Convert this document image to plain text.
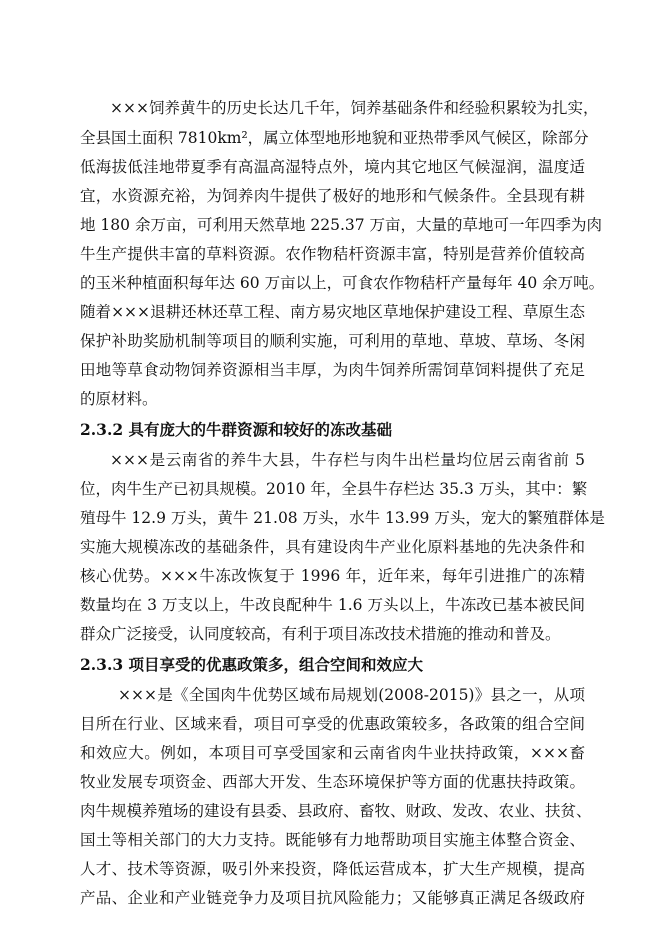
×××饲养黄牛的历史长达几千年，饲养基础条件和经验积累较为扎实，
全县国土面积 7810km²，属立体型地形地貌和亚热带季风气候区，除部分
低海拔低洼地带夏季有高温高湿特点外，境内其它地区气候湿润，温度适
宜，水资源充裕，为饲养肉牛提供了极好的地形和气候条件。全县现有耕
地 180 余万亩，可利用天然草地 225.37 万亩，大量的草地可一年四季为肉
牛生产提供丰富的草料资源。农作物秸杆资源丰富，特别是营养价值较高
的玉米种植面积每年达 60 万亩以上，可食农作物秸杆产量每年 40 余万吨。
随着×××退耕还林还草工程、南方易灾地区草地保护建设工程、草原生态
保护补助奖励机制等项目的顺利实施，可利用的草地、草坡、草场、冬闲
田地等草食动物饲养资源相当丰厚，为肉牛饲养所需饲草饲料提供了充足
的原材料。
2.3.2 具有庞大的牛群资源和较好的冻改基础
×××是云南省的养牛大县，牛存栏与肉牛出栏量均位居云南省前 5
位，肉牛生产已初具规模。2010 年，全县牛存栏达 35.3 万头，其中：繁
殖母牛 12.9 万头，黄牛 21.08 万头，水牛 13.99 万头，宠大的繁殖群体是
实施大规模冻改的基础条件，具有建设肉牛产业化原料基地的先决条件和
核心优势。×××牛冻改恢复于 1996 年，近年来，每年引进推广的冻精
数量均在 3 万支以上，牛改良配种牛 1.6 万头以上，牛冻改已基本被民间
群众广泛接受，认同度较高，有利于项目冻改技术措施的推动和普及。
2.3.3 项目享受的优惠政策多，组合空间和效应大
×××是《全国肉牛优势区域布局规划(2008-2015)》县之一，从项
目所在行业、区域来看，项目可享受的优惠政策较多，各政策的组合空间
和效应大。例如，本项目可享受国家和云南省肉牛业扶持政策，×××畜
牧业发展专项资金、西部大开发、生态环境保护等方面的优惠扶持政策。
肉牛规模养殖场的建设有县委、县政府、畜牧、财政、发改、农业、扶贫、
国土等相关部门的大力支持。既能够有力地帮助项目实施主体整合资金、
人才、技术等资源，吸引外来投资，降低运营成本，扩大生产规模，提高
产品、企业和产业链竞争力及项目抗风险能力；又能够真正满足各级政府
